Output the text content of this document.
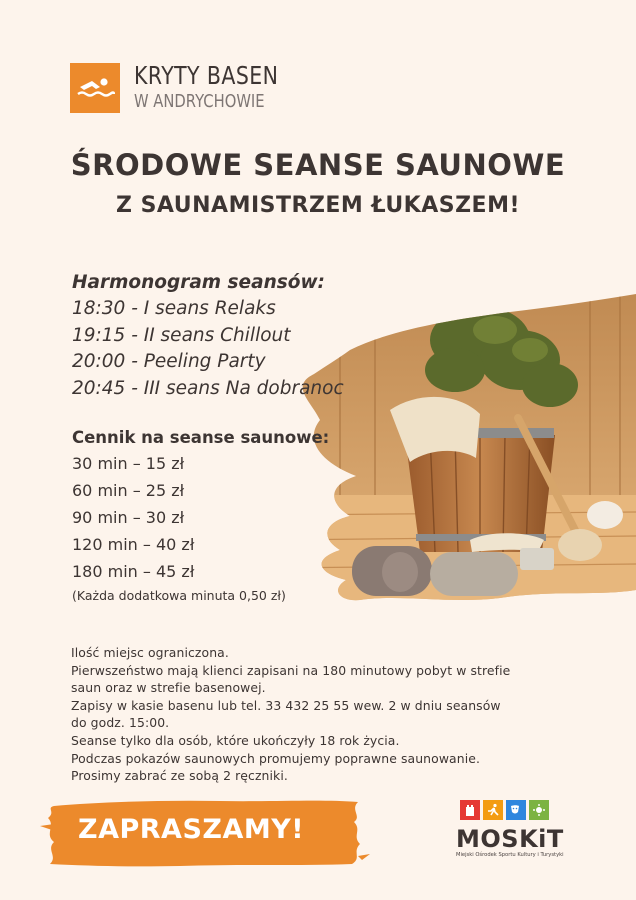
KRYTY BASEN
W ANDRYCHOWIE
ŚRODOWE SEANSE SAUNOWE
Z SAUNAMISTRZEM ŁUKASZEM!
Harmonogram seansów:
18:30 - I seans Relaks
19:15 - II seans Chillout
20:00 - Peeling Party
20:45 - III seans Na dobranoc
Cennik na seanse saunowe:
30 min – 15 zł
60 min – 25 zł
90 min – 30 zł
120 min – 40 zł
180 min – 45 zł
(Każda dodatkowa minuta 0,50 zł)
Ilość miejsc ograniczona.
Pierwszeństwo mają klienci zapisani na 180 minutowy pobyt w strefie
saun oraz w strefie basenowej.
Zapisy w kasie basenu lub tel. 33 432 25 55 wew. 2 w dniu seansów
do godz. 15:00.
Seanse tylko dla osób, które ukończyły 18 rok życia.
Podczas pokazów saunowych promujemy poprawne saunowanie.
Prosimy zabrać ze sobą 2 ręczniki.
ZAPRASZAMY!	MOSKiT
Miejski Ośrodek Sportu Kultury i Turystyki
